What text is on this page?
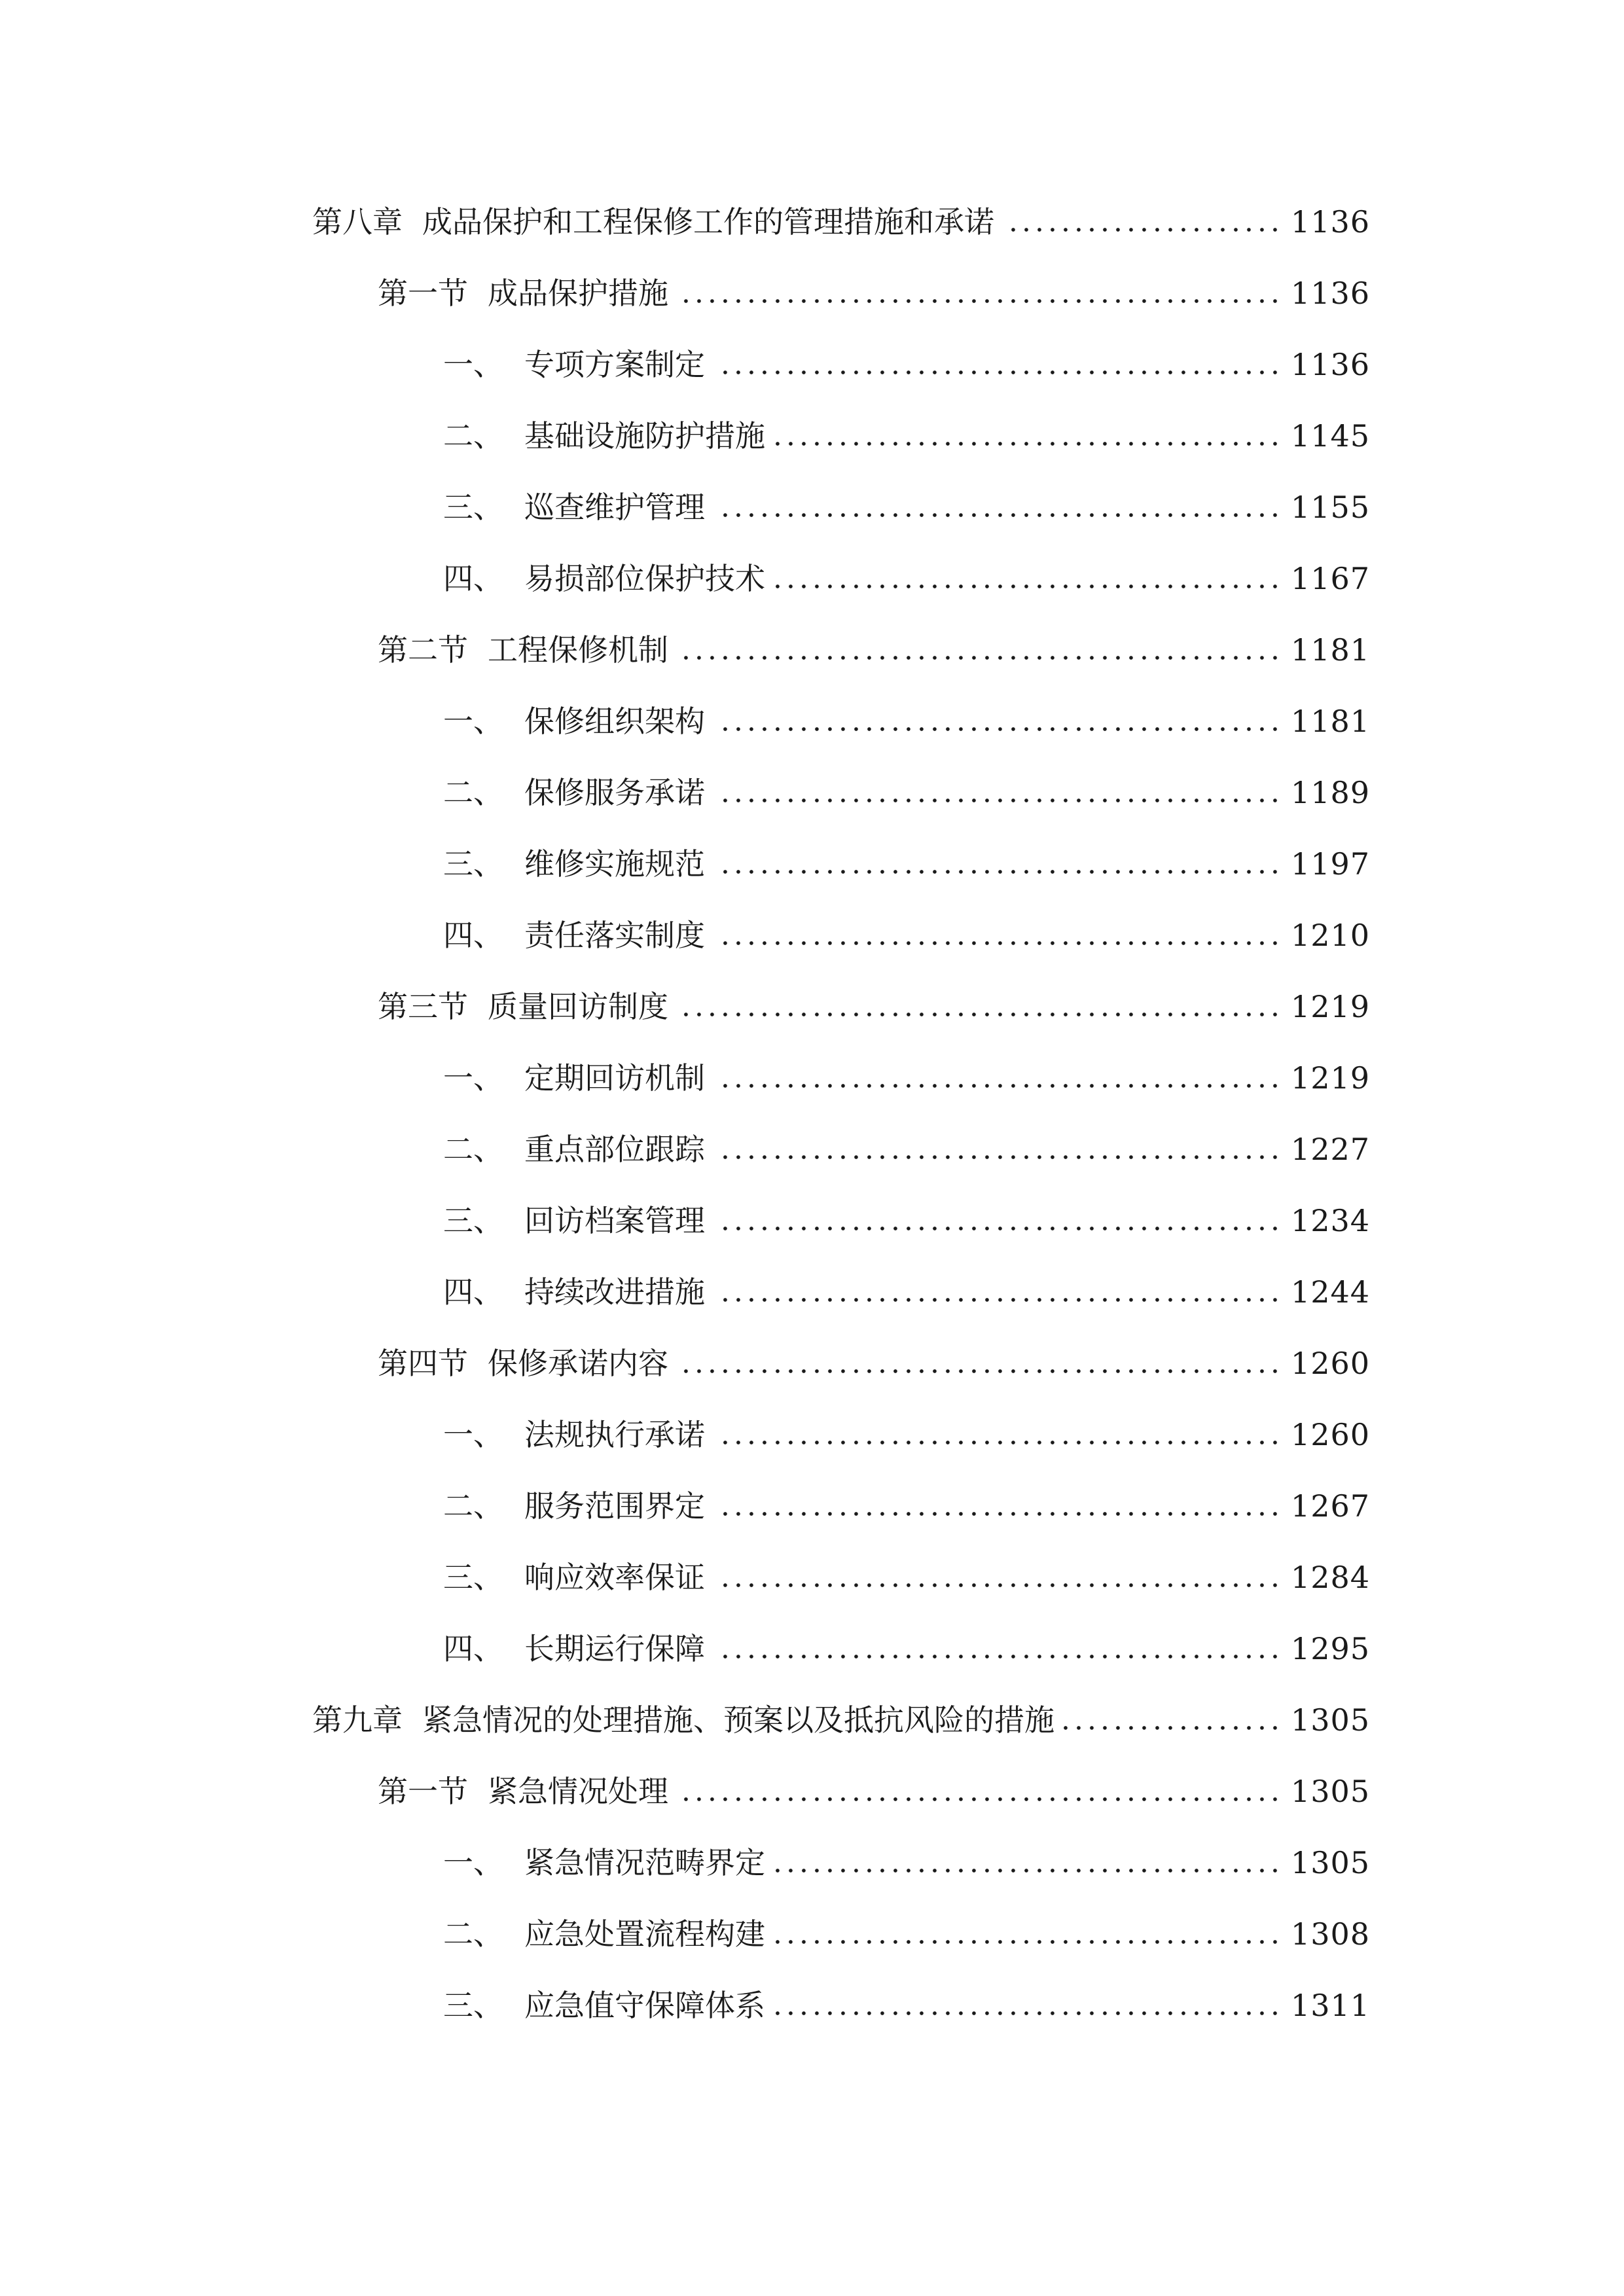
第八章 成品保护和工程保修工作的管理措施和承诺	1136
第一节 成品保护措施	1136
一、 专项方案制定	1136
二、 基础设施防护措施	1145
三、 巡查维护管理	1155
四、 易损部位保护技术	1167
第二节 工程保修机制	1181
一、 保修组织架构	1181
二、 保修服务承诺	1189
三、 维修实施规范	1197
四、 责任落实制度	1210
第三节 质量回访制度	1219
一、 定期回访机制	1219
二、 重点部位跟踪	1227
三、 回访档案管理	1234
四、 持续改进措施	1244
第四节 保修承诺内容	1260
一、 法规执行承诺	1260
二、 服务范围界定	1267
三、 响应效率保证	1284
四、 长期运行保障	1295
第九章 紧急情况的处理措施、预案以及抵抗风险的措施	1305
第一节 紧急情况处理	1305
一、 紧急情况范畴界定	1305
二、 应急处置流程构建	1308
三、 应急值守保障体系	1311
